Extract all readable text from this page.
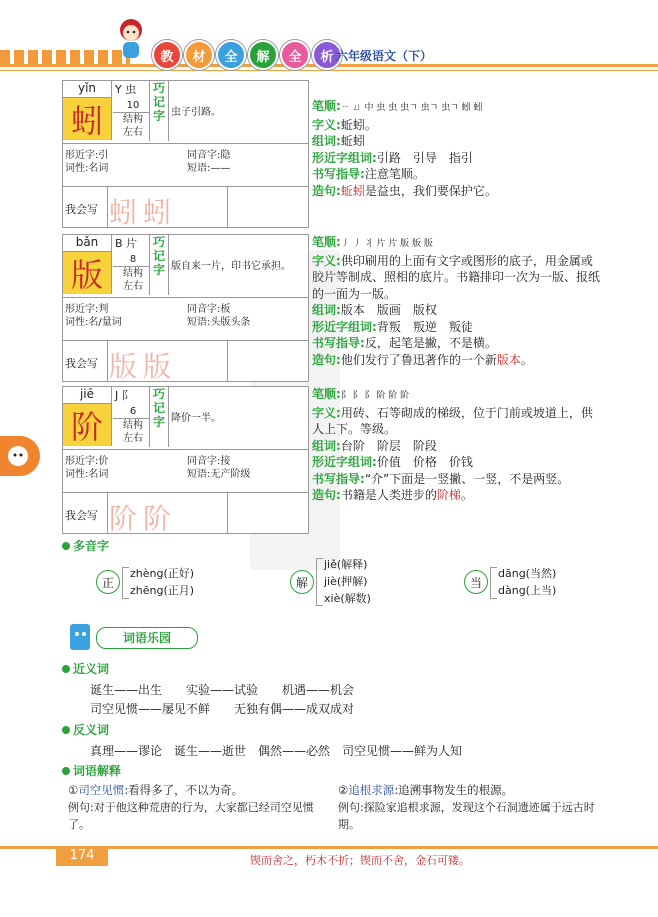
教	材	全	解	全	析 六年级语文（下）
yǐn	Y 虫
蚓	10
结构
左右
巧记字 虫子引路。
形近字:引	同音字:隐
词性:名词	短语:——
我会写 蚓蚓
bǎn	B 片
版	8
结构
左右
巧记字 版自来一片，印书它承担。
形近字:判	同音字:板
词性:名/量词	短语:头版头条
我会写 版版
jiē	J 阝
阶	6
结构
左右
巧记字 降价一半。
形近字:价	同音字:接
词性:名词	短语:无产阶级
我会写 阶阶
笔顺:ㄧ ㄩ 中 虫 虫 虫ㄱ 虫ㄱ 虫ㄱ 蚓 蚓
字义:蚯蚓。
组词:蚯蚓
形近字组词:引路　引导　指引
书写指导:注意笔顺。
造句:蚯蚓是益虫，我们要保护它。
笔顺:丿 丿 丬 片 片 版 版 版
字义:供印刷用的上面有文字或图形的底子，用金属或胶片等制成、照相的底片。书籍排印一次为一版、报纸的一面为一版。
组词:版本　版画　版权
形近字组词:背叛　叛逆　叛徒
书写指导:反，起笔是撇，不是横。
造句:他们发行了鲁迅著作的一个新版本。
笔顺:阝 阝 阝 阶 阶 阶
字义:用砖、石等砌成的梯级，位于门前或坡道上，供人上下。等级。
组词:台阶　阶层　阶段
形近字组词:价值　价格　价钱
书写指导:“介”下面是一竖撇、一竖，不是两竖。
造句:书籍是人类进步的阶梯。
多音字
正
zhèng(正好)
zhēng(正月)
解
jiě(解释)
jiè(押解)
xiè(解数)
当
dāng(当然)
dàng(上当)
词语乐园
近义词
诞生——出生　　实验——试验　　机遇——机会
司空见惯——屡见不鲜　　无独有偶——成双成对
反义词
真理——谬论　诞生——逝世　偶然——必然　司空见惯——鲜为人知
词语解释
①司空见惯:看得多了，不以为奇。
例句:对于他这种荒唐的行为，大家都已经司空见惯了。
②追根求源:追溯事物发生的根源。
例句:探险家追根求源，发现这个石洞遗迹属于远古时期。
174	锲而舍之，朽木不折；锲而不舍，金石可镂。
